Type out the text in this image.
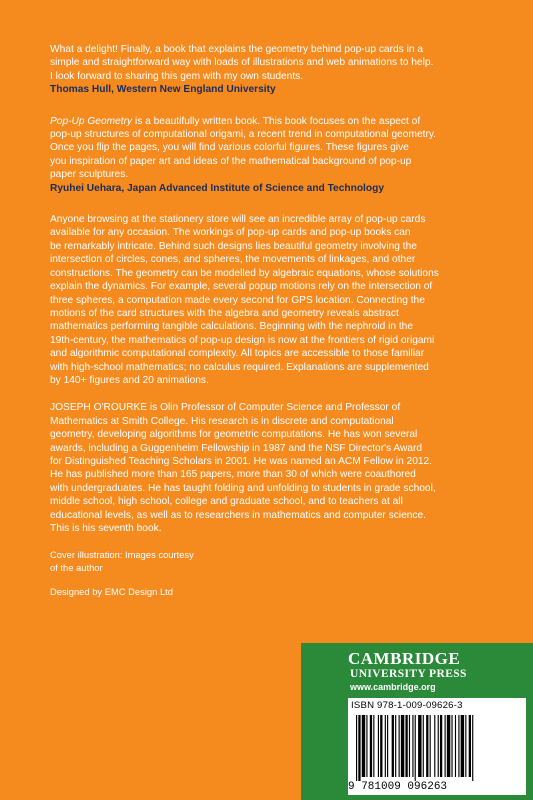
What a delight! Finally, a book that explains the geometry behind pop-up cards in a
simple and straightforward way with loads of illustrations and web animations to help.
I look forward to sharing this gem with my own students.

Thomas Hull, Western New England University

Pop-Up Geometry is a beautifully written book. This book focuses on the aspect of
pop-up structures of computational origami, a recent trend in computational geometry.
Once you flip the pages, you will find various colorful figures. These figures give
you inspiration of paper art and ideas of the mathematical background of pop-up
paper sculptures.

Ryuhei Uehara, Japan Advanced Institute of Science and Technology

Anyone browsing at the stationery store will see an incredible array of pop-up cards
available for any occasion. The workings of pop-up cards and pop-up books can
be remarkably intricate. Behind such designs lies beautiful geometry involving the
intersection of circles, cones, and spheres, the movements of linkages, and other
constructions. The geometry can be modelled by algebraic equations, whose solutions
explain the dynamics. For example, several popup motions rely on the intersection of
three spheres, a computation made every second for GPS location. Connecting the
motions of the card structures with the algebra and geometry reveals abstract
mathematics performing tangible calculations. Beginning with the nephroid in the
19th-century, the mathematics of pop-up design is now at the frontiers of rigid origami
and algorithmic computational complexity. All topics are accessible to those familiar
with high-school mathematics; no calculus required. Explanations are supplemented
by 140+ figures and 20 animations.

JOSEPH O'ROURKE is Olin Professor of Computer Science and Professor of
Mathematics at Smith College. His research is in discrete and computational
geometry, developing algorithms for geometric computations. He has won several
awards, including a Guggenheim Fellowship in 1987 and the NSF Director's Award
for Distinguished Teaching Scholars in 2001. He was named an ACM Fellow in 2012.
He has published more than 165 papers, more than 30 of which were coauthored
with undergraduates. He has taught folding and unfolding to students in grade school,
middle school, high school, college and graduate school, and to teachers at all
educational levels, as well as to researchers in mathematics and computer science.
This is his seventh book.

Cover illustration: Images courtesy
of the author

Designed by EMC Design Ltd

CAMBRIDGE
UNIVERSITY PRESS
www.cambridge.org
ISBN 978-1-009-09626-3
9 781009 096263
